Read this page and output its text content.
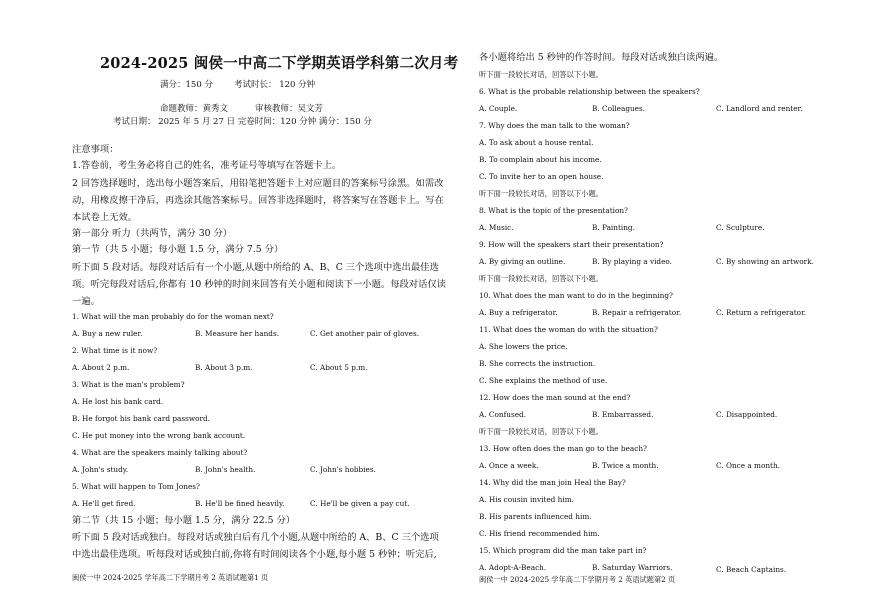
2024-2025 闽侯一中高二下学期英语学科第二次月考
满分：150 分 考试时长： 120 分钟
命题教师：黄秀文	审核教师：吴文芳
考试日期： 2025 年 5 月 27 日 完卷时间：120 分钟 满分：150 分
注意事项：
1.答卷前，考生务必将自己的姓名，准考证号等填写在答题卡上。
2 回答选择题时，选出每小题答案后，用铅笔把答题卡上对应题目的答案标号涂黑。如需改
动，用橡皮擦干净后，再选涂其他答案标号。回答非选择题时，将答案写在答题卡上。写在
本试卷上无效。
第一部分 听力（共两节，满分 30 分）
第一节（共 5 小题；每小题 1.5 分，满分 7.5 分）
听下面 5 段对话。每段对话后有一个小题,从题中所给的 A、B、C 三个选项中选出最佳选
项。听完每段对话后,你都有 10 秒钟的时间来回答有关小题和阅读下一小题。每段对话仅读
一遍。
1. What will the man probably do for the woman next?
A. Buy a new ruler.	B. Measure her hands.	C. Get another pair of gloves.
2. What time is it now?
A. About 2 p.m.	B. About 3 p.m.	C. About 5 p.m.
3. What is the man's problem?
A. He lost his bank card.
B. He forgot his bank card password.
C. He put money into the wrong bank account.
4. What are the speakers mainly talking about?
A. John's study.	B. John's health.	C. John's hobbies.
5. What will happen to Tom Jones?
A. He'll get fired.	B. He'll be fined heavily.	C. He'll be given a pay cut.
第二节（共 15 小题；每小题 1.5 分，满分 22.5 分）
听下面 5 段对话或独白。每段对话或独白后有几个小题,从题中所给的 A、B、C 三个选项
中选出最佳选项。听每段对话或独白前,你将有时间阅读各个小题,每小题 5 秒钟；听完后,
闽侯一中 2024-2025 学年高二下学期月考 2 英语试题第1 页
各小题将给出 5 秒钟的作答时间。每段对话或独白读两遍。
听下面一段较长对话，回答以下小题。
6. What is the probable relationship between the speakers?
A. Couple.	B. Colleagues.	C. Landlord and renter.
7. Why does the man talk to the woman?
A. To ask about a house rental.
B. To complain about his income.
C. To invite her to an open house.
听下面一段较长对话，回答以下小题。
8. What is the topic of the presentation?
A. Music.	B. Painting.	C. Sculpture.
9. How will the speakers start their presentation?
A. By giving an outline.	B. By playing a video.	C. By showing an artwork.
听下面一段较长对话，回答以下小题。
10. What does the man want to do in the beginning?
A. Buy a refrigerator.	B. Repair a refrigerator.	C. Return a refrigerator.
11. What does the woman do with the situation?
A. She lowers the price.
B. She corrects the instruction.
C. She explains the method of use.
12. How does the man sound at the end?
A. Confused.	B. Embarrassed.	C. Disappointed.
听下面一段较长对话，回答以下小题。
13. How often does the man go to the beach?
A. Once a week.	B. Twice a month.	C. Once a month.
14. Why did the man join Heal the Bay?
A. His cousin invited him.
B. His parents influenced him.
C. His friend recommended him.
15. Which program did the man take part in?
A. Adopt-A-Beach.	B. Saturday Warriors.	C. Beach Captains.
闽侯一中 2024-2025 学年高二下学期月考 2 英语试题第2 页
